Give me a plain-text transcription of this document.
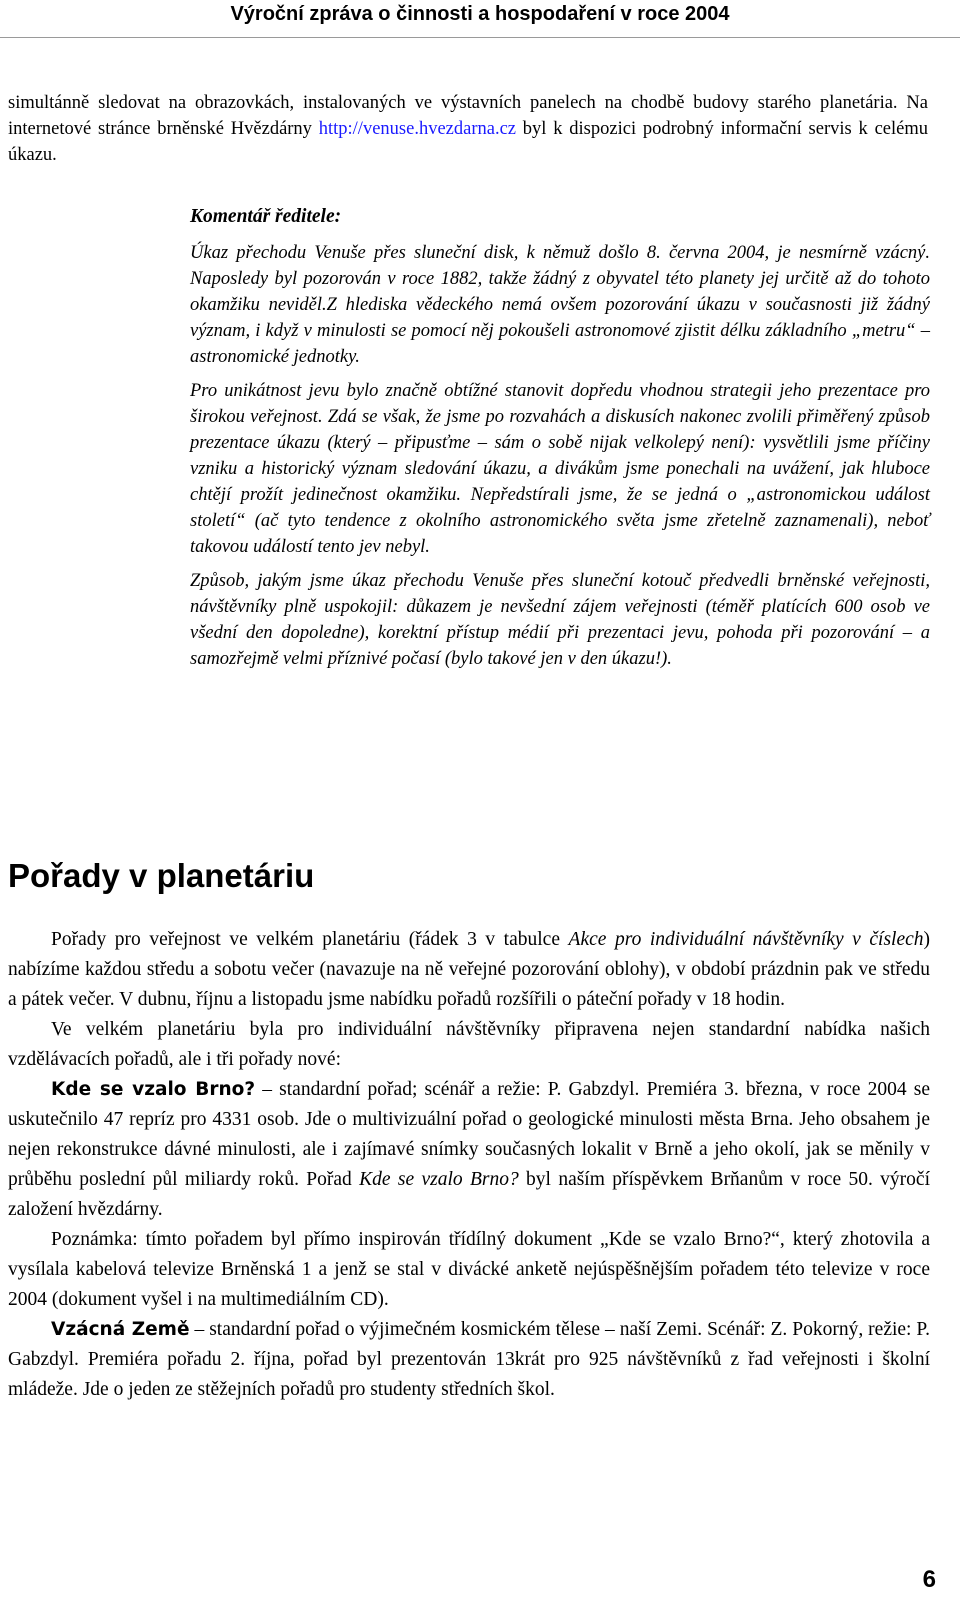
Výroční zpráva o činnosti a hospodaření v roce 2004

simultánně sledovat na obrazovkách, instalovaných ve výstavních panelech na chodbě budovy starého planetária. Na internetové stránce brněnské Hvězdárny http://venuse.hvezdarna.cz byl k dispozici podrobný informační servis k celému úkazu.

Komentář ředitele:

Úkaz přechodu Venuše přes sluneční disk, k němuž došlo 8. června 2004, je nesmírně vzácný. Naposledy byl pozorován v roce 1882, takže žádný z obyvatel této planety jej určitě až do tohoto okamžiku neviděl.Z hlediska vědeckého nemá ovšem pozorování úkazu v současnosti již žádný význam, i když v minulosti se pomocí něj pokoušeli astronomové zjistit délku základního „metru“ – astronomické jednotky.

Pro unikátnost jevu bylo značně obtížné stanovit dopředu vhodnou strategii jeho prezentace pro širokou veřejnost. Zdá se však, že jsme po rozvahách a diskusích nakonec zvolili přiměřený způsob prezentace úkazu (který – připusťme – sám o sobě nijak velkolepý není): vysvětlili jsme příčiny vzniku a historický význam sledování úkazu, a divákům jsme ponechali na uvážení, jak hluboce chtějí prožít jedinečnost okamžiku. Nepředstírali jsme, že se jedná o „astronomickou událost století“ (ač tyto tendence z okolního astronomického světa jsme zřetelně zaznamenali), neboť takovou událostí tento jev nebyl.

Způsob, jakým jsme úkaz přechodu Venuše přes sluneční kotouč předvedli brněnské veřejnosti, návštěvníky plně uspokojil: důkazem je nevšední zájem veřejnosti (téměř platících 600 osob ve všední den dopoledne), korektní přístup médií při prezentaci jevu, pohoda při pozorování – a samozřejmě velmi příznivé počasí (bylo takové jen v den úkazu!).

Pořady v planetáriu

Pořady pro veřejnost ve velkém planetáriu (řádek 3 v tabulce Akce pro individuální návštěvníky v číslech) nabízíme každou středu a sobotu večer (navazuje na ně veřejné pozorování oblohy), v období prázdnin pak ve středu a pátek večer. V dubnu, říjnu a listopadu jsme nabídku pořadů rozšířili o páteční pořady v 18 hodin.

Ve velkém planetáriu byla pro individuální návštěvníky připravena nejen standardní nabídka našich vzdělávacích pořadů, ale i tři pořady nové:

Kde se vzalo Brno? – standardní pořad; scénář a režie: P. Gabzdyl. Premiéra 3. března, v roce 2004 se uskutečnilo 47 repríz pro 4331 osob. Jde o multivizuální pořad o geologické minulosti města Brna. Jeho obsahem je nejen rekonstrukce dávné minulosti, ale i zajímavé snímky současných lokalit v Brně a jeho okolí, jak se měnily v průběhu poslední půl miliardy roků. Pořad Kde se vzalo Brno? byl naším příspěvkem Brňanům v roce 50. výročí založení hvězdárny.

Poznámka: tímto pořadem byl přímo inspirován třídílný dokument „Kde se vzalo Brno?“, který zhotovila a vysílala kabelová televize Brněnská 1 a jenž se stal v divácké anketě nejúspěšnějším pořadem této televize v roce 2004 (dokument vyšel i na multimediálním CD).

Vzácná Země – standardní pořad o výjimečném kosmickém tělese – naší Zemi. Scénář: Z. Pokorný, režie: P. Gabzdyl. Premiéra pořadu 2. října, pořad byl prezentován 13krát pro 925 návštěvníků z řad veřejnosti i školní mládeže. Jde o jeden ze stěžejních pořadů pro studenty středních škol.

6
